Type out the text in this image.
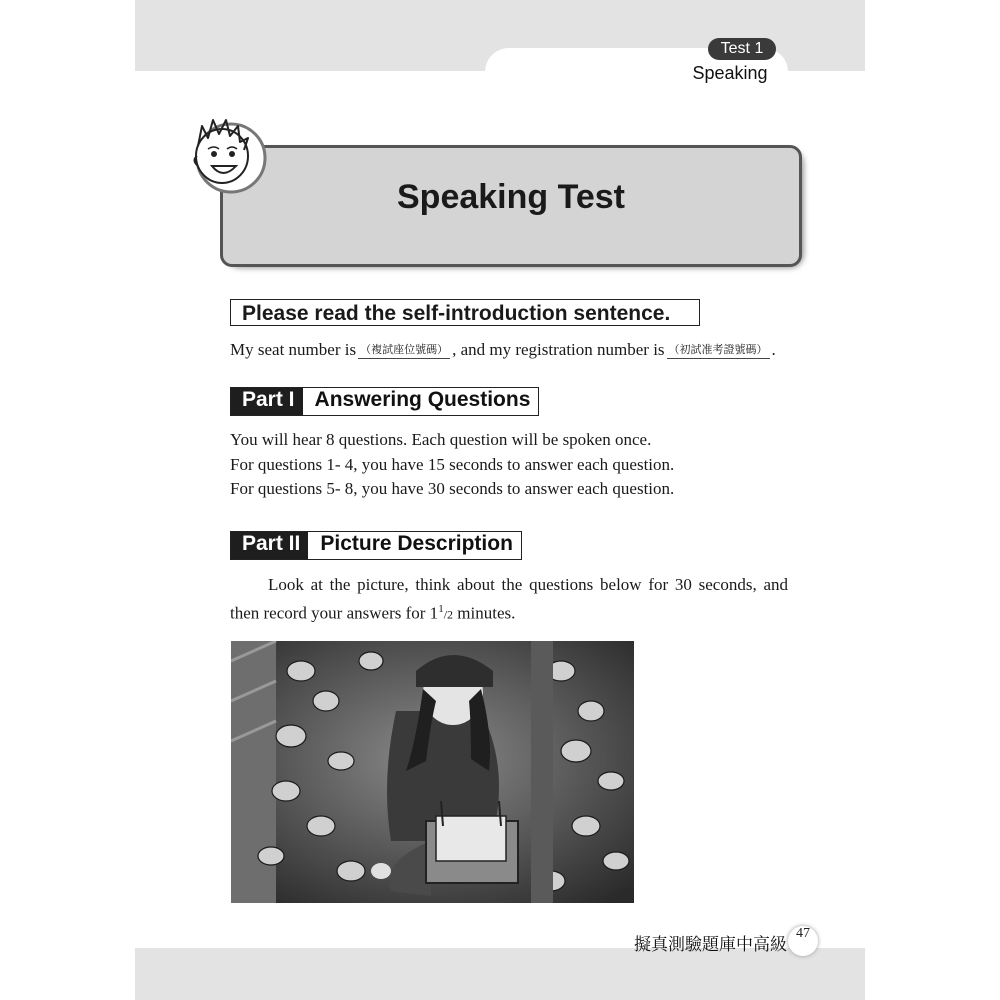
Test 1
Speaking
Speaking Test
Please read the self-introduction sentence.
My seat number is （複試座位號碼） , and my registration number is （初試准考證號碼） .
Part I Answering Questions
You will hear 8 questions. Each question will be spoken once.
For questions 1- 4, you have 15 seconds to answer each question.
For questions 5- 8, you have 30 seconds to answer each question.
Part II Picture Description
Look at the picture, think about the questions below for 30 seconds, and then record your answers for $1^1/2$ minutes.
擬真測驗題庫中高級
47
